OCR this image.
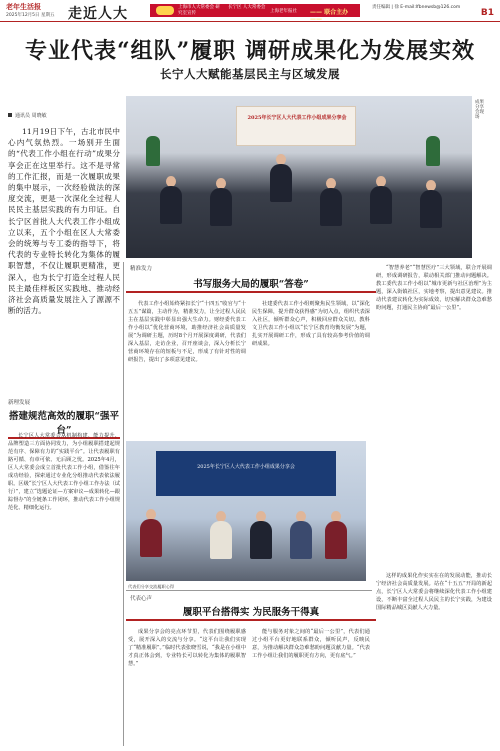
老年生活报
2025年12月5日 星期五 走近人大	上海市人大常委会 研究室宣传
长宁区 人大常委会
上海老年报社	—— 联合主办 ——
责任编辑 | 徐 E-mail:lfbnewsb@126.com
B1
专业代表“组队”履职 调研成果化为发展实效
长宁人大赋能基层民主与区域发展
通讯员 周晓敏
11月19日下午，古北市民中心内气氛热烈。一场别开生面的“代表工作小组在行动”成果分享会正在这里举行。这不是寻常的工作汇报，而是一次履职成果的集中展示，一次经验做法的深度交流，更是一次深化全过程人民民主基层实践的有力印证。自长宁区首批人大代表工作小组成立以来，五个小组在区人大常委会的统筹与专工委的指导下，将代表的专业特长转化为集体的履职智慧，不仅让履职更精准，更深入，也为长宁打造全过程人民民主最佳样板区实践地、推动经济社会高质量发展注入了源源不断的活力。
2025年长宁区人大代表工作小组成果分享会
成果分享会现场
新理发展
搭建规范高效的履职“强平台”
长宁区人大常委会从机制构建、能力提升、品牌塑造三方面协同发力，为小组履职搭建起规范有序、保障有力的“实践平台”。让代表履职有路可循、有章可依、无后顾之忧。2025年4月，区人大常委会成立首批代表工作小组，借鉴往年成功经验，探索通过专业化分组推动代表依法履职。区级“长宁区人大代表工作小组工作办法（试行）”，建立“选题论证—方案审议—成果转化—跟踪督办”的全链条工作闭环，推动代表工作小组规范化、精细化运行。
精准发力
书写服务大局的履职“答卷”
代表工作小组始终紧扣长宁“十四五”收官与“十五五”谋篇，主动作为，精准发力，让全过程人民民主在基层实践中彰显出强大生命力。财经委代表工作小组以“优化营商环境，助推经济社会高质量发展”为调研主题，历时8个月开展深度调研，代表们深入基层，走访企业，召开座谈会，深入分析长宁营商环境存在的短板与不足，形成了有针对性的调研报告，提出了多项意见建议。
社建委代表工作小组则聚焦民生领域，以“深化民生保障，提升群众获得感”为切入点，组织代表深入社区，倾听群众心声，积极回应群众关切。教科文卫代表工作小组以“长宁区教育均衡发展”为题，扎实开展调研工作，形成了具有较高参考价值的调研成果。
“智慧养老”“智慧医疗”三大领域，联合开展调研，形成调研报告，联动相关部门推动问题解决。教工委代表工作小组以“城市更新与社区治理”为主题，深入街镇社区，实地考察，提出意见建议。推动代表建议转化为实际成效，切实解决群众急难愁盼问题，打通民主协商“最后一公里”。
2025年长宁区人大代表工作小组成果分享会
代表们分享交流履职心得
代表心声
履职平台搭得实 为民服务干得真
成果分享会的亮点环节里，代表们围绕履职感受，展开深入的交流与分享。“这平台让我们实现了“精准履职”。”临时代表张晓雪说，“我是在小组中才真正体会到，专业特长可以转化为集体的履职智慧。”
能与服务对象之间的“最后一公里”，代表们通过小组平台更好地联系群众，倾听民声，反映民意，为推动解决群众急难愁盼问题贡献力量。“代表工作小组让我们的履职更有方向，更有底气。”
这样的成果化作实实在在的发展动能，推动长宁经济社会高质量发展。站在“十五五”开局的新起点，长宁区人大常委会将继续深化代表工作小组建设，不断丰富全过程人民民主的长宁实践，为建设国际精品城区贡献人大力量。
